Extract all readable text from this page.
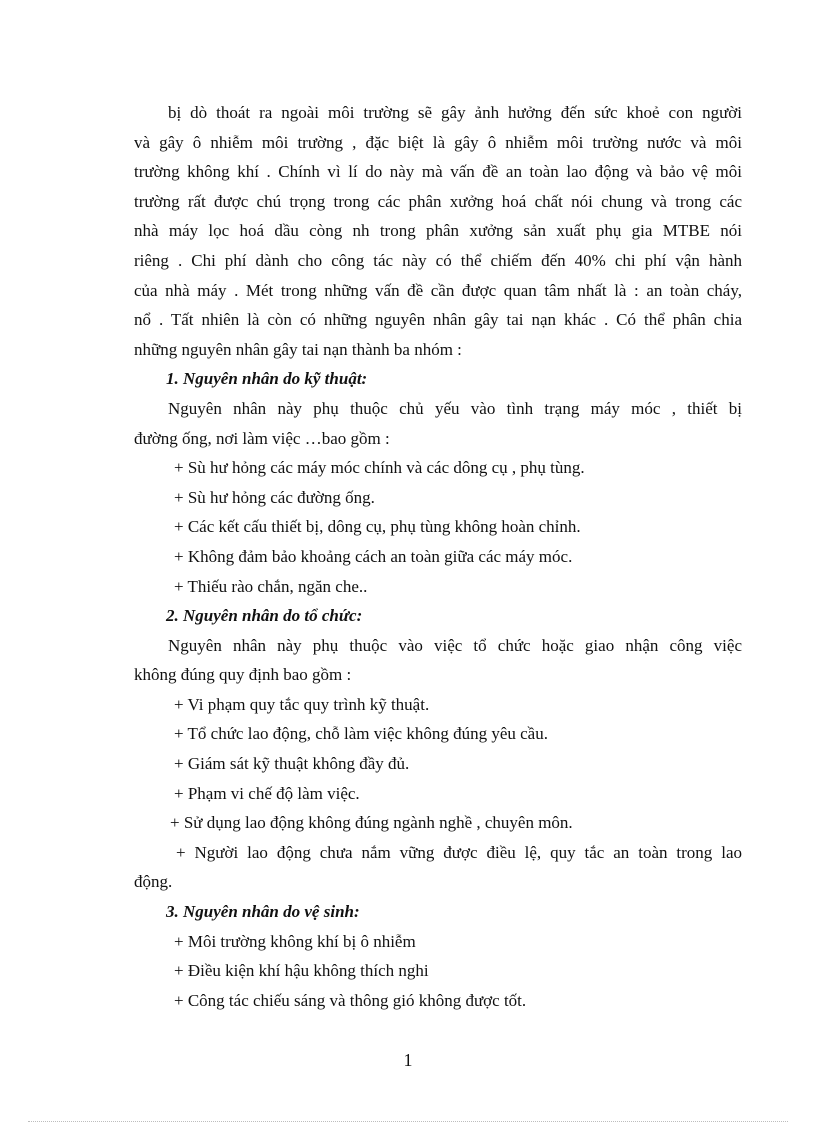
bị dò thoát ra ngoài môi trường sẽ gây ảnh hưởng đến sức khoẻ con người

và gây ô nhiễm môi trường , đặc biệt là gây ô nhiễm môi trường nước và môi

trường không khí . Chính vì lí do này mà vấn đề an toàn lao động và bảo vệ môi

trường rất được chú trọng trong các phân xưởng hoá chất nói chung và trong các

nhà máy lọc hoá dầu còng nh trong phân xưởng sản xuất phụ gia MTBE nói

riêng . Chi phí dành cho công tác này có thể chiếm đến 40% chi phí vận hành

của nhà máy . Mét trong những vấn đề cần được quan tâm nhất là : an toàn cháy,

nổ . Tất nhiên là còn có những nguyên nhân gây tai nạn khác . Có thể phân chia

những nguyên nhân gây tai nạn thành ba nhóm :

1. Nguyên nhân do kỹ thuật:

Nguyên nhân này phụ thuộc chủ yếu vào tình trạng máy móc , thiết bị

đường ống, nơi làm việc …bao gồm :

+ Sù hư hỏng các máy móc chính và các dông cụ , phụ tùng.

+ Sù hư hỏng các đường ống.

+ Các kết cấu thiết bị, dông cụ, phụ tùng không hoàn chỉnh.

+ Không đảm bảo khoảng cách an toàn giữa các máy móc.

+ Thiếu rào chắn, ngăn che..

2. Nguyên nhân do tổ chức:

Nguyên nhân này phụ thuộc vào việc tổ chức hoặc giao nhận công việc

không đúng quy định bao gồm :

+ Vi phạm quy tắc quy trình kỹ thuật.

+ Tổ chức lao động, chỗ làm việc không đúng yêu cầu.

+ Giám sát kỹ thuật không đầy đủ.

+ Phạm vi chế độ làm việc.

+ Sử dụng lao động không đúng ngành nghề , chuyên môn.

+ Người lao động chưa nắm vững được điều lệ, quy tắc an toàn trong lao

động.

3. Nguyên nhân do vệ sinh:

+ Môi trường không khí bị ô nhiễm

+ Điều kiện khí hậu không thích nghi

+ Công tác chiếu sáng và thông gió không được tốt.

1
